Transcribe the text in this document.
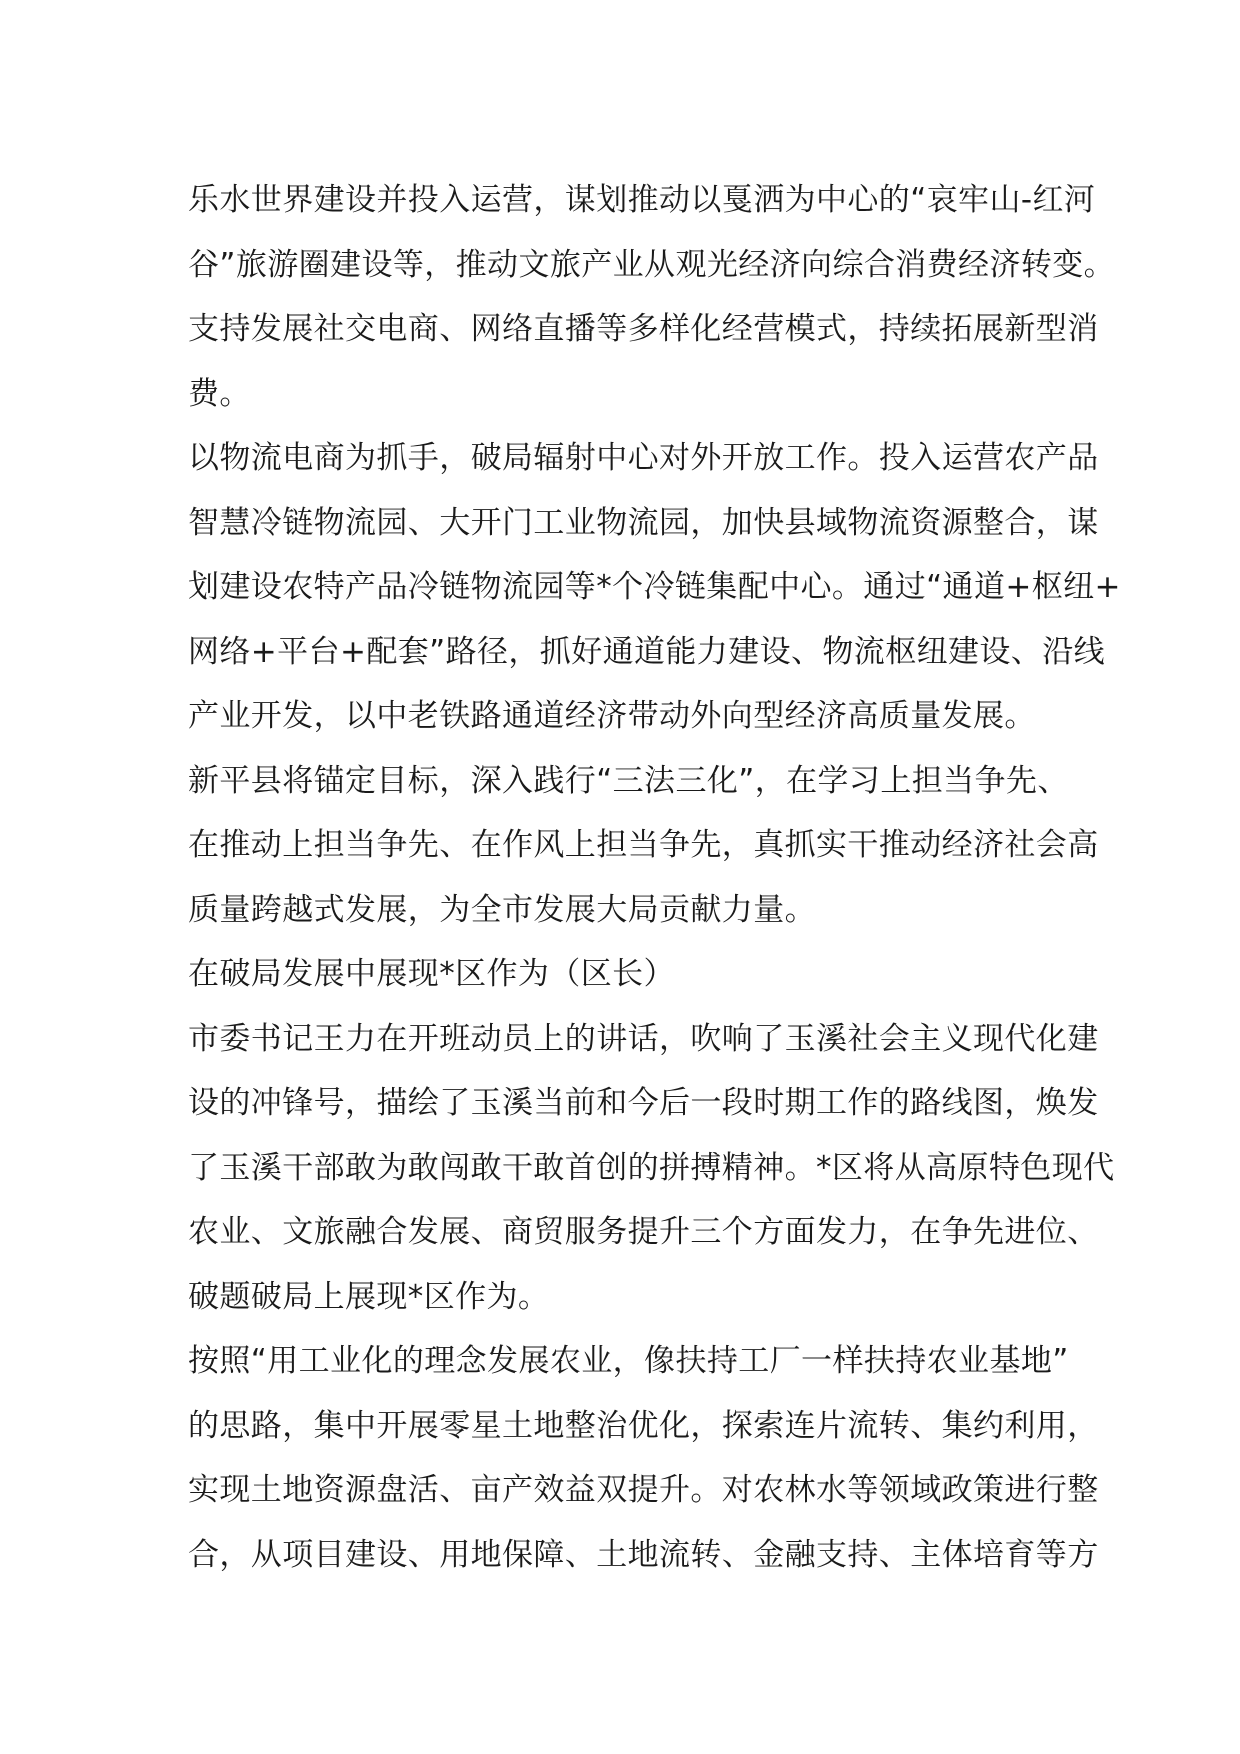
乐水世界建设并投入运营，谋划推动以戛洒为中心的“哀牢山-红河
谷”旅游圈建设等，推动文旅产业从观光经济向综合消费经济转变。
支持发展社交电商、网络直播等多样化经营模式，持续拓展新型消
费。
以物流电商为抓手，破局辐射中心对外开放工作。投入运营农产品
智慧冷链物流园、大开门工业物流园，加快县域物流资源整合，谋
划建设农特产品冷链物流园等*个冷链集配中心。通过“通道+枢纽+
网络+平台+配套”路径，抓好通道能力建设、物流枢纽建设、沿线
产业开发，以中老铁路通道经济带动外向型经济高质量发展。
新平县将锚定目标，深入践行“三法三化”，在学习上担当争先、
在推动上担当争先、在作风上担当争先，真抓实干推动经济社会高
质量跨越式发展，为全市发展大局贡献力量。
在破局发展中展现*区作为（区长）
市委书记王力在开班动员上的讲话，吹响了玉溪社会主义现代化建
设的冲锋号，描绘了玉溪当前和今后一段时期工作的路线图，焕发
了玉溪干部敢为敢闯敢干敢首创的拼搏精神。*区将从高原特色现代
农业、文旅融合发展、商贸服务提升三个方面发力，在争先进位、
破题破局上展现*区作为。
按照“用工业化的理念发展农业，像扶持工厂一样扶持农业基地”
的思路，集中开展零星土地整治优化，探索连片流转、集约利用，
实现土地资源盘活、亩产效益双提升。对农林水等领域政策进行整
合，从项目建设、用地保障、土地流转、金融支持、主体培育等方
